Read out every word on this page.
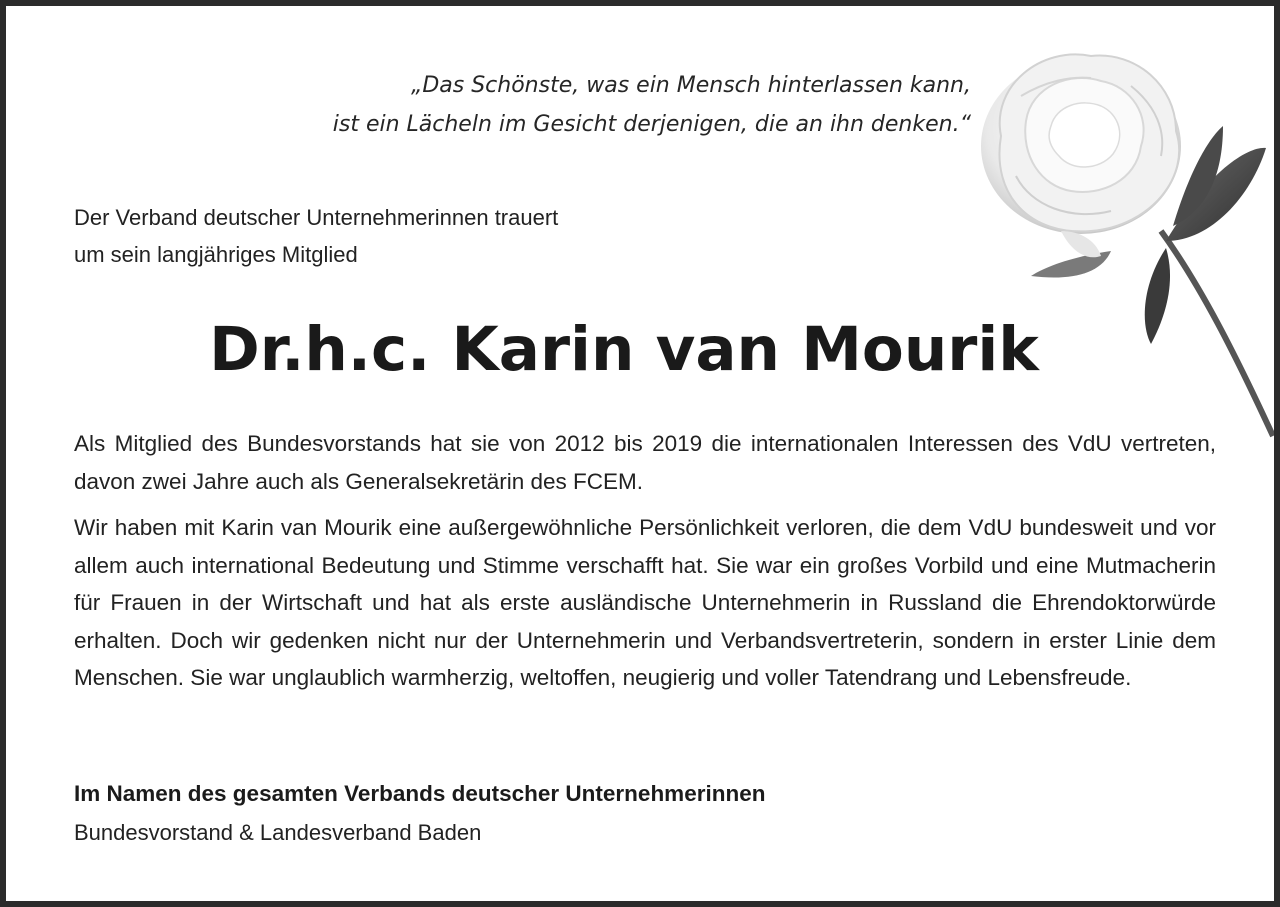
„Das Schönste, was ein Mensch hinterlassen kann,
ist ein Lächeln im Gesicht derjenigen, die an ihn denken.“
Der Verband deutscher Unternehmerinnen trauert
um sein langjähriges Mitglied
Dr.h.c. Karin van Mourik

Als Mitglied des Bundesvorstands hat sie von 2012 bis 2019 die internationalen Interessen des VdU vertreten, davon zwei Jahre auch als Generalsekretärin des FCEM.

Wir haben mit Karin van Mourik eine außergewöhnliche Persönlichkeit verloren, die dem VdU bundesweit und vor allem auch international Bedeutung und Stimme verschafft hat. Sie war ein großes Vorbild und eine Mutmacherin für Frauen in der Wirtschaft und hat als erste ausländische Unternehmerin in Russland die Ehrendoktorwürde erhalten. Doch wir gedenken nicht nur der Unternehmerin und Verbandsvertreterin, sondern in erster Linie dem Menschen. Sie war unglaublich warmherzig, weltoffen, neugierig und voller Tatendrang und Lebensfreude.

Im Namen des gesamten Verbands deutscher Unternehmerinnen
Bundesvorstand & Landesverband Baden
